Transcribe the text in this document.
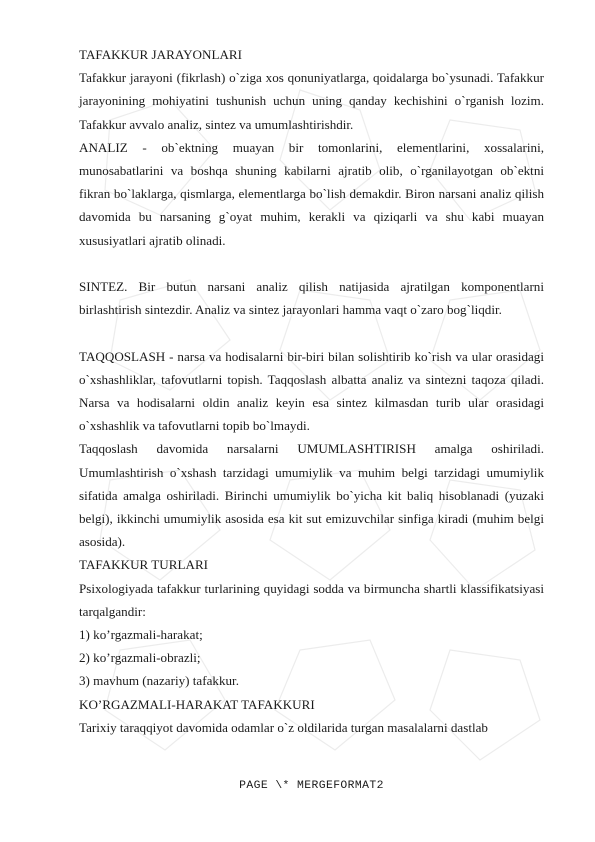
TAFAKKUR JARAYONLARI

Tafakkur jarayoni (fikrlash) o`ziga xos qonuniyatlarga, qoidalarga bo`ysunadi. Tafakkur jarayonining mohiyatini tushunish uchun uning qanday kechishini o`rganish lozim. Tafakkur avvalo analiz, sintez va umumlashtirishdir.

ANALIZ - ob`ektning muayan bir tomonlarini, elementlarini, xossalarini, munosabatlarini va boshqa shuning kabilarni ajratib olib, o`rganilayotgan ob`ektni fikran bo`laklarga, qismlarga, elementlarga bo`lish demakdir. Biron narsani analiz qilish davomida bu narsaning g`oyat muhim, kerakli va qiziqarli va shu kabi muayan xususiyatlari ajratib olinadi.

SINTEZ. Bir butun narsani analiz qilish natijasida ajratilgan komponentlarni birlashtirish sintezdir. Analiz va sintez jarayonlari hamma vaqt o`zaro bog`liqdir.

TAQQOSLASH - narsa va hodisalarni bir-biri bilan solishtirib ko`rish va ular orasidagi o`xshashliklar, tafovutlarni topish. Taqqoslash albatta analiz va sintezni taqoza qiladi. Narsa va hodisalarni oldin analiz keyin esa sintez kilmasdan turib ular orasidagi o`xshashlik va tafovutlarni topib bo`lmaydi.

Taqqoslash davomida narsalarni UMUMLASHTIRISH amalga oshiriladi. Umumlashtirish o`xshash tarzidagi umumiylik va muhim belgi tarzidagi umumiylik sifatida amalga oshiriladi. Birinchi umumiylik bo`yicha kit baliq hisoblanadi (yuzaki belgi), ikkinchi umumiylik asosida esa kit sut emizuvchilar sinfiga kiradi (muhim belgi asosida).

TAFAKKUR TURLARI

Psixologiyada tafakkur turlarining quyidagi sodda va birmuncha shartli klassifikatsiyasi tarqalgandir:

1) ko’rgazmali-harakat;

2) ko’rgazmali-obrazli;

3) mavhum (nazariy) tafakkur.

KO’RGAZMALI-HARAKAT TAFAKKURI

Tarixiy taraqqiyot davomida odamlar o`z oldilarida turgan masalalarni dastlab

PAGE \* MERGEFORMAT2
